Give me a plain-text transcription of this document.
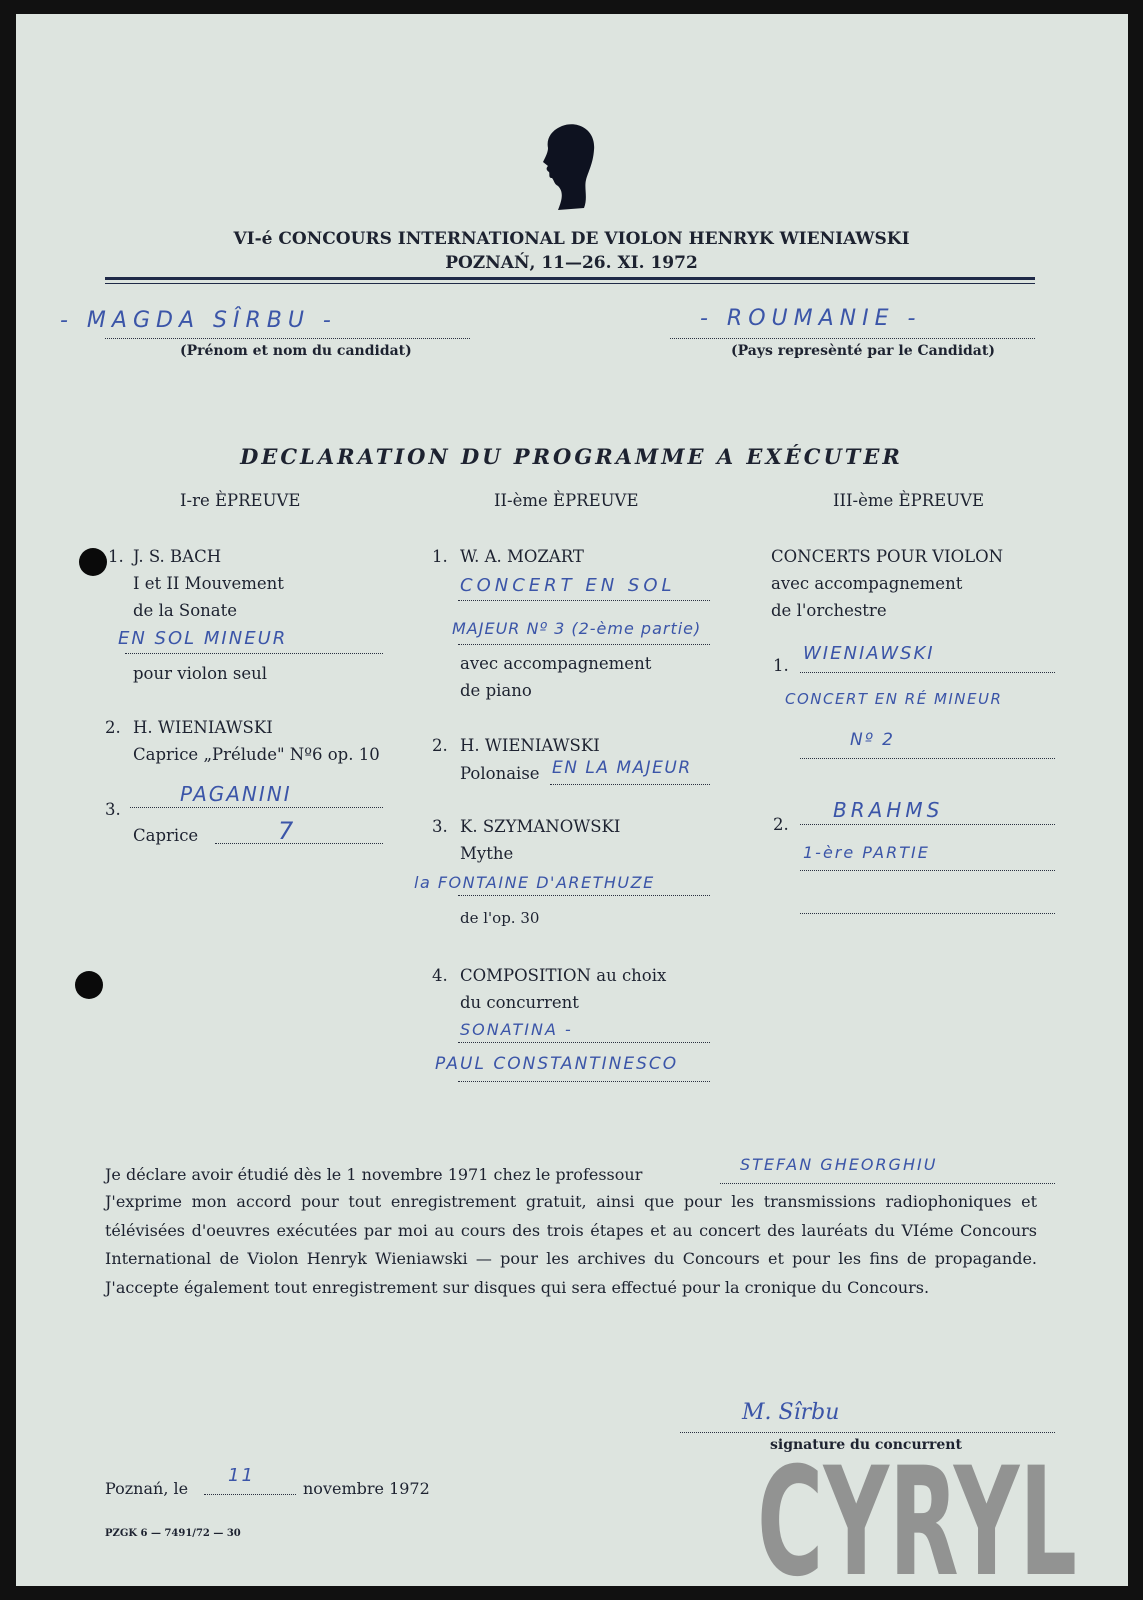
VI-é CONCOURS INTERNATIONAL DE VIOLON HENRYK WIENIAWSKI
POZNAŃ, 11—26. XI. 1972
- MAGDA SÎRBU -
(Prénom et nom du candidat)
- ROUMANIE -
(Pays represènté par le Candidat)
DECLARATION DU PROGRAMME A EXÉCUTER
I-re ÈPREUVE
1. J. S. BACH
I et II Mouvement
de la Sonate
EN SOL MINEUR
pour violon seul
2. H. WIENIAWSKI
Caprice „Prélude" Nº6 op. 10
3.
PAGANINI
Caprice	7
II-ème ÈPREUVE
1. W. A. MOZART
CONCERT EN SOL
MAJEUR Nº 3 (2-ème partie)
avec accompagnement
de piano
2. H. WIENIAWSKI
Polonaise EN LA MAJEUR
3. K. SZYMANOWSKI
Mythe
la FONTAINE D'ARETHUZE
de l'op. 30
4. COMPOSITION au choix
du concurrent
SONATINA -
PAUL CONSTANTINESCO
III-ème ÈPREUVE
CONCERTS POUR VIOLON
avec accompagnement
de l'orchestre
1.
WIENIAWSKI
CONCERT EN RÉ MINEUR
Nº 2
2.
BRAHMS
1-ère PARTIE
Je déclare avoir étudié dès le 1 novembre 1971 chez le professour
STEFAN GHEORGHIU
J'exprime mon accord pour tout enregistrement gratuit, ainsi que pour les transmissions radiophoniques et télévisées d'oeuvres exécutées par moi au cours des trois étapes et au concert des lauréats du VIéme Concours International de Violon Henryk Wieniawski — pour les archives du Concours et pour les fins de propagande. J'accepte également tout enregistrement sur disques qui sera effectué pour la cronique du Concours.
M. Sîrbu
signature du concurrent
Poznań, le
11
novembre 1972
PZGK 6 — 7491/72 — 30	CYRYL
